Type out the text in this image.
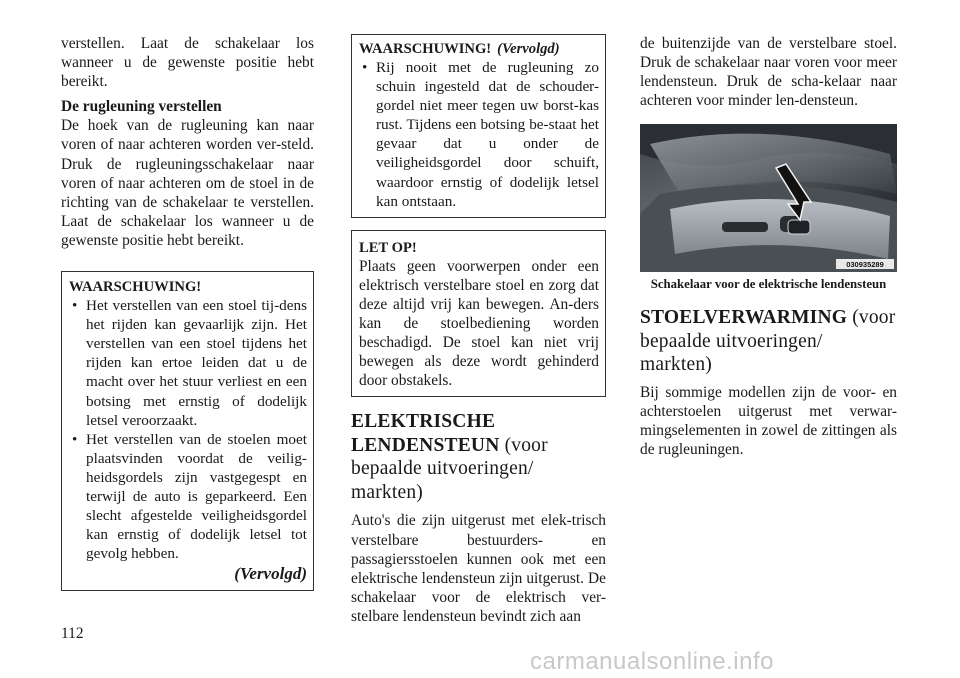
verstellen. Laat de schakelaar los wanneer u de gewenste positie hebt bereikt.

De rugleuning verstellen

De hoek van de rugleuning kan naar voren of naar achteren worden ver-steld. Druk de rugleuningsschakelaar naar voren of naar achteren om de stoel in de richting van de schakelaar te verstellen. Laat de schakelaar los wanneer u de gewenste positie hebt bereikt.

WAARSCHUWING!

• Het verstellen van een stoel tij-dens het rijden kan gevaarlijk zijn. Het verstellen van een stoel tijdens het rijden kan ertoe leiden dat u de macht over het stuur verliest en een botsing met ernstig of dodelijk letsel veroorzaakt.
• Het verstellen van de stoelen moet plaatsvinden voordat de veilig-heidsgordels zijn vastgegespt en terwijl de auto is geparkeerd. Een slecht afgestelde veiligheidsgordel kan ernstig of dodelijk letsel tot gevolg hebben.
(Vervolgd)

WAARSCHUWING! (Vervolgd)

• Rij nooit met de rugleuning zo schuin ingesteld dat de schouder-gordel niet meer tegen uw borst-kas rust. Tijdens een botsing be-staat het gevaar dat u onder de veiligheidsgordel door schuift, waardoor ernstig of dodelijk letsel kan ontstaan.

LET OP!

Plaats geen voorwerpen onder een elektrisch verstelbare stoel en zorg dat deze altijd vrij kan bewegen. An-ders kan de stoelbediening worden beschadigd. De stoel kan niet vrij bewegen als deze wordt gehinderd door obstakels.

ELEKTRISCHE LENDENSTEUN (voor bepaalde uitvoeringen/ markten)

Auto's die zijn uitgerust met elek-trisch verstelbare bestuurders- en passagiersstoelen kunnen ook met een elektrische lendensteun zijn uitgerust. De schakelaar voor de elektrisch ver-stelbare lendensteun bevindt zich aan

de buitenzijde van de verstelbare stoel. Druk de schakelaar naar voren voor meer lendensteun. Druk de scha-kelaar naar achteren voor minder len-densteun.

030935289

Schakelaar voor de elektrische lendensteun

STOELVERWARMING (voor bepaalde uitvoeringen/ markten)

Bij sommige modellen zijn de voor- en achterstoelen uitgerust met verwar-mingselementen in zowel de zittingen als de rugleuningen.

112
carmanualsonline.info
